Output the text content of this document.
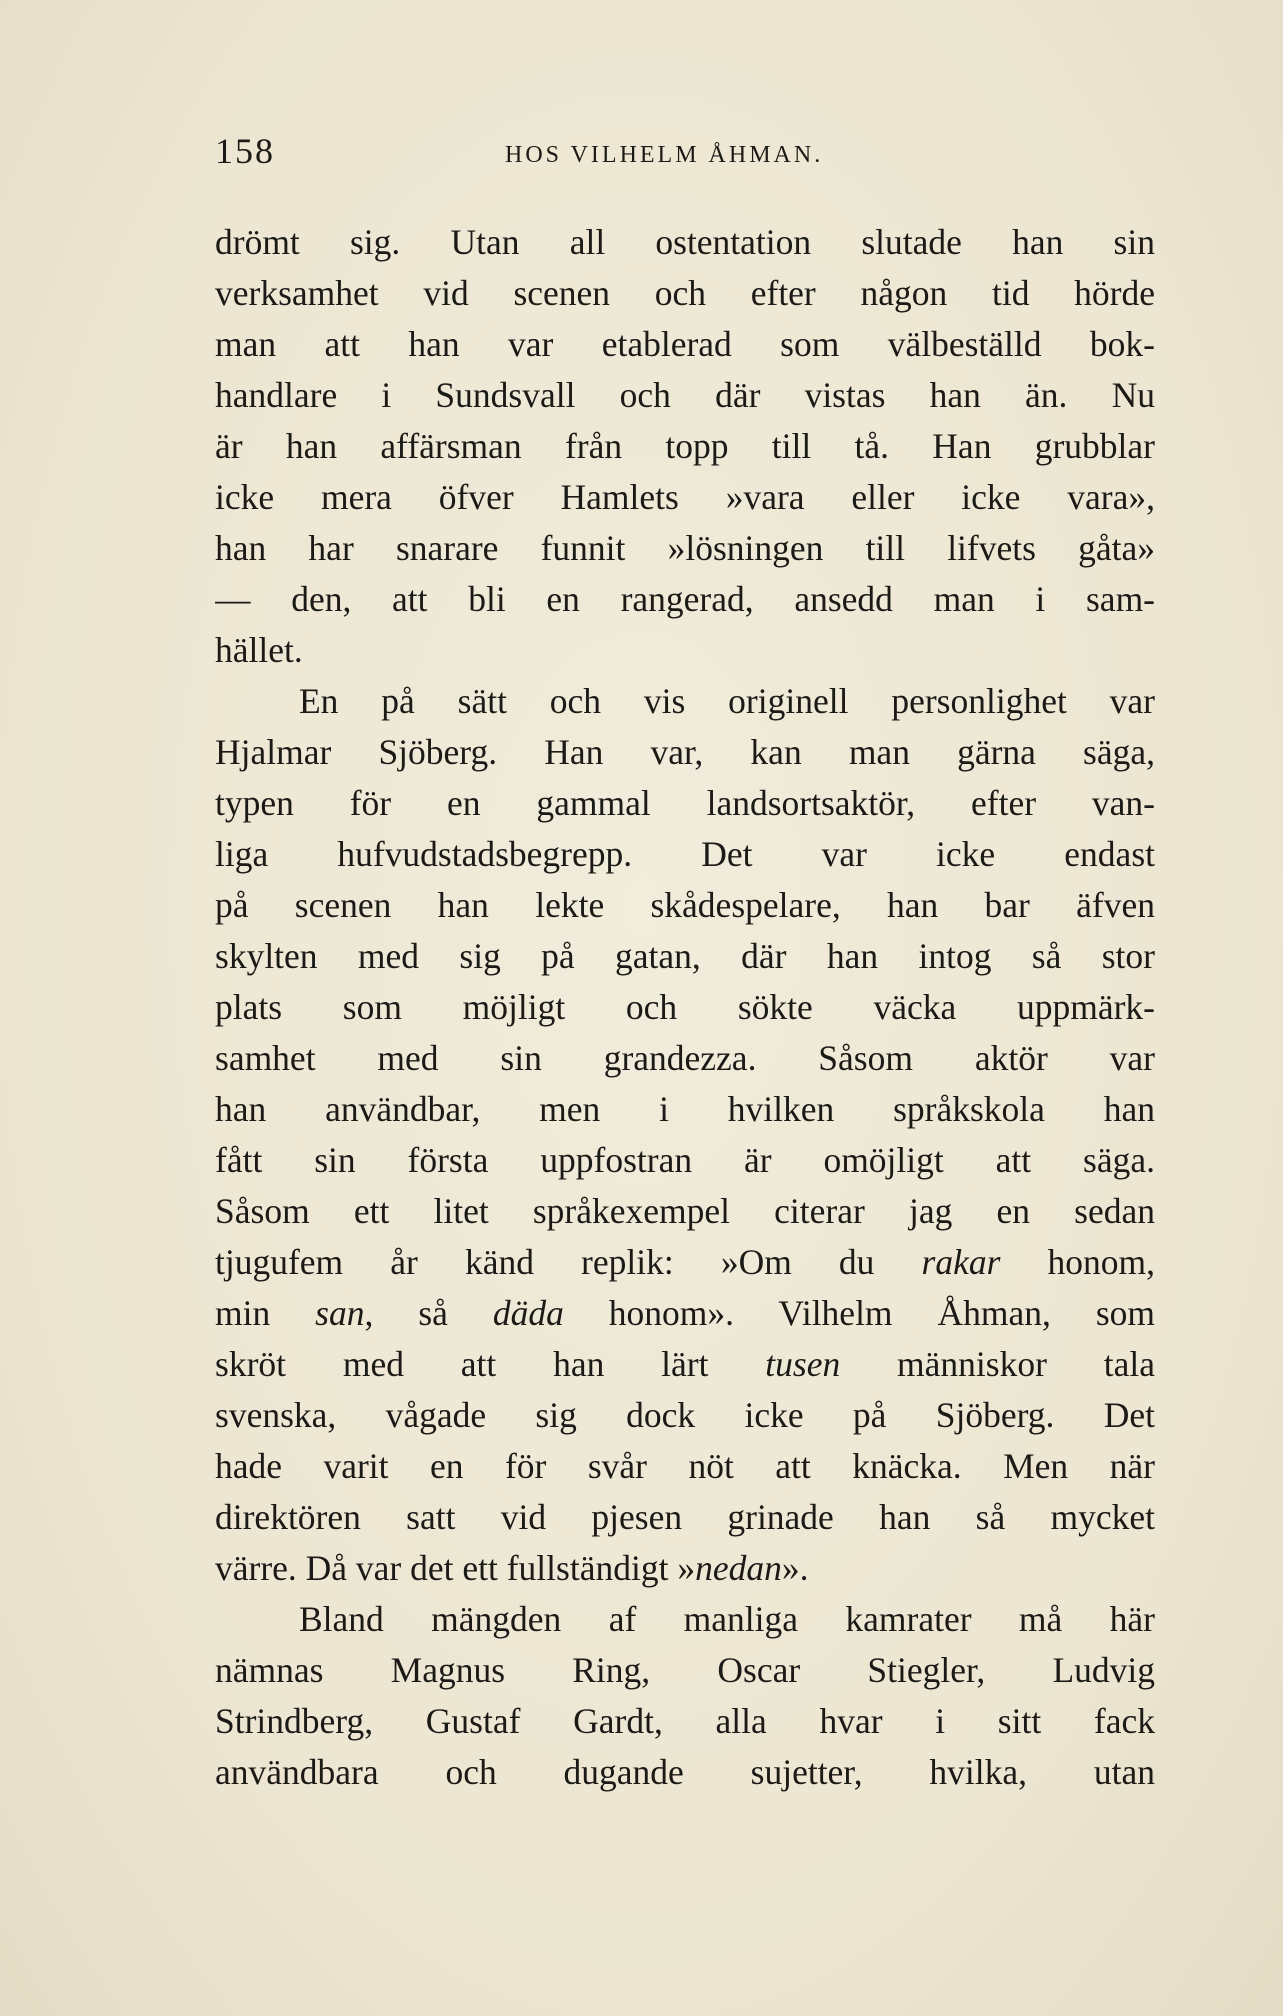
158	HOS VILHELM ÅHMAN.
drömt sig. Utan all ostentation slutade han sin
verksamhet vid scenen och efter någon tid hörde
man att han var etablerad som välbeställd bok-
handlare i Sundsvall och där vistas han än. Nu
är han affärsman från topp till tå. Han grubblar
icke mera öfver Hamlets »vara eller icke vara»,
han har snarare funnit »lösningen till lifvets gåta»
— den, att bli en rangerad, ansedd man i sam-
hället.
En på sätt och vis originell personlighet var
Hjalmar Sjöberg. Han var, kan man gärna säga,
typen för en gammal landsortsaktör, efter van-
liga hufvudstadsbegrepp. Det var icke endast
på scenen han lekte skådespelare, han bar äfven
skylten med sig på gatan, där han intog så stor
plats som möjligt och sökte väcka uppmärk-
samhet med sin grandezza. Såsom aktör var
han användbar, men i hvilken språkskola han
fått sin första uppfostran är omöjligt att säga.
Såsom ett litet språkexempel citerar jag en sedan
tjugufem år känd replik: »Om du rakar honom,
min san, så däda honom». Vilhelm Åhman, som
skröt med att han lärt tusen människor tala
svenska, vågade sig dock icke på Sjöberg. Det
hade varit en för svår nöt att knäcka. Men när
direktören satt vid pjesen grinade han så mycket
värre. Då var det ett fullständigt »nedan».
Bland mängden af manliga kamrater må här
nämnas Magnus Ring, Oscar Stiegler, Ludvig
Strindberg, Gustaf Gardt, alla hvar i sitt fack
användbara och dugande sujetter, hvilka, utan
